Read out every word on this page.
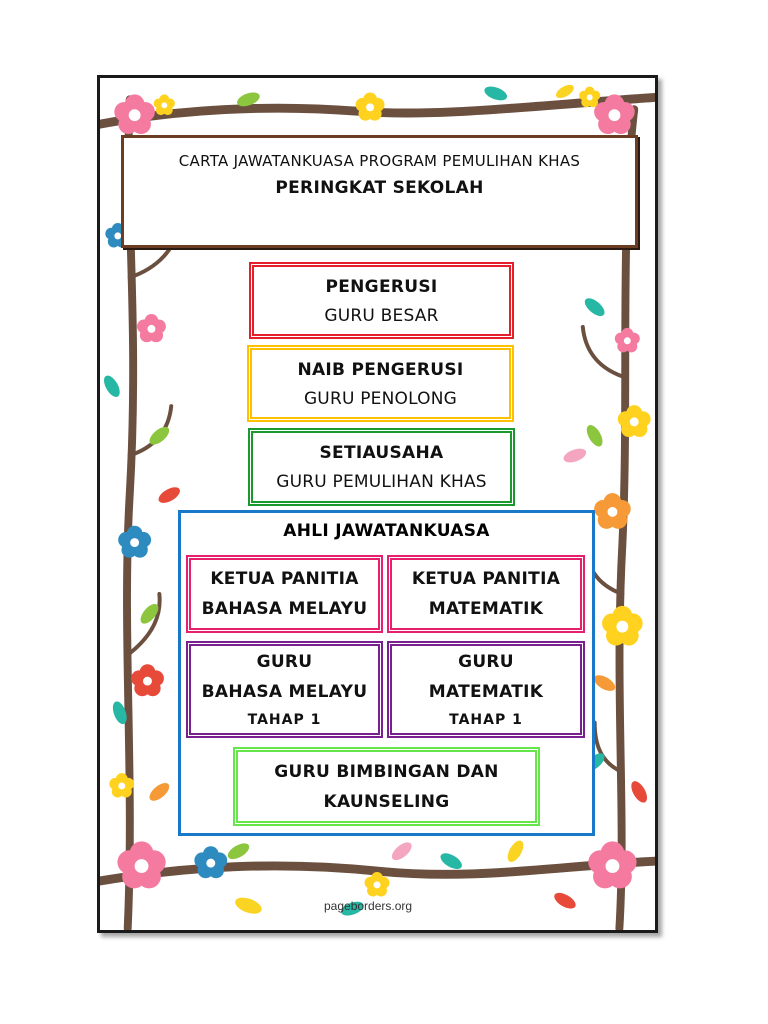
CARTA JAWATANKUASA PROGRAM PEMULIHAN KHAS
PERINGKAT SEKOLAH
PENGERUSI
GURU BESAR
NAIB PENGERUSI
GURU PENOLONG
SETIAUSAHA
GURU PEMULIHAN KHAS
AHLI JAWATANKUASA
KETUA PANITIA
BAHASA MELAYU
KETUA PANITIA
MATEMATIK
GURU
BAHASA MELAYU
TAHAP 1
GURU
MATEMATIK
TAHAP 1
GURU BIMBINGAN DAN
KAUNSELING
pageborders.org
